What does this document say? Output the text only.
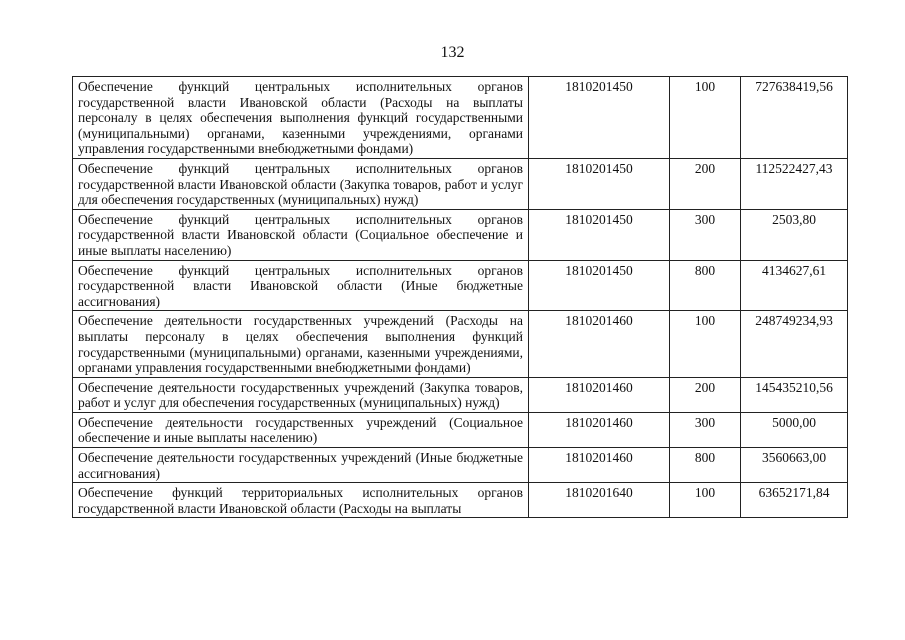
132
Обеспечение функций центральных исполнительных органов государственной власти Ивановской области (Расходы на выплаты персоналу в целях обеспечения выполнения функций государственными (муниципальными) органами, казенными учреждениями, органами управления государственными внебюджетными фондами)	1810201450	100	727638419,56
Обеспечение функций центральных исполнительных органов государственной власти Ивановской области (Закупка товаров, работ и услуг для обеспечения государственных (муниципальных) нужд)	1810201450	200	112522427,43
Обеспечение функций центральных исполнительных органов государственной власти Ивановской области (Социальное обеспечение и иные выплаты населению)	1810201450	300	2503,80
Обеспечение функций центральных исполнительных органов государственной власти Ивановской области (Иные бюджетные ассигнования)	1810201450	800	4134627,61
Обеспечение деятельности государственных учреждений (Расходы на выплаты персоналу в целях обеспечения выполнения функций государственными (муниципальными) органами, казенными учреждениями, органами управления государственными внебюджетными фондами)	1810201460	100	248749234,93
Обеспечение деятельности государственных учреждений (Закупка товаров, работ и услуг для обеспечения государственных (муниципальных) нужд)	1810201460	200	145435210,56
Обеспечение деятельности государственных учреждений (Социальное обеспечение и иные выплаты населению)	1810201460	300	5000,00
Обеспечение деятельности государственных учреждений (Иные бюджетные ассигнования)	1810201460	800	3560663,00
Обеспечение функций территориальных исполнительных органов государственной власти Ивановской области (Расходы на выплаты	1810201640	100	63652171,84
